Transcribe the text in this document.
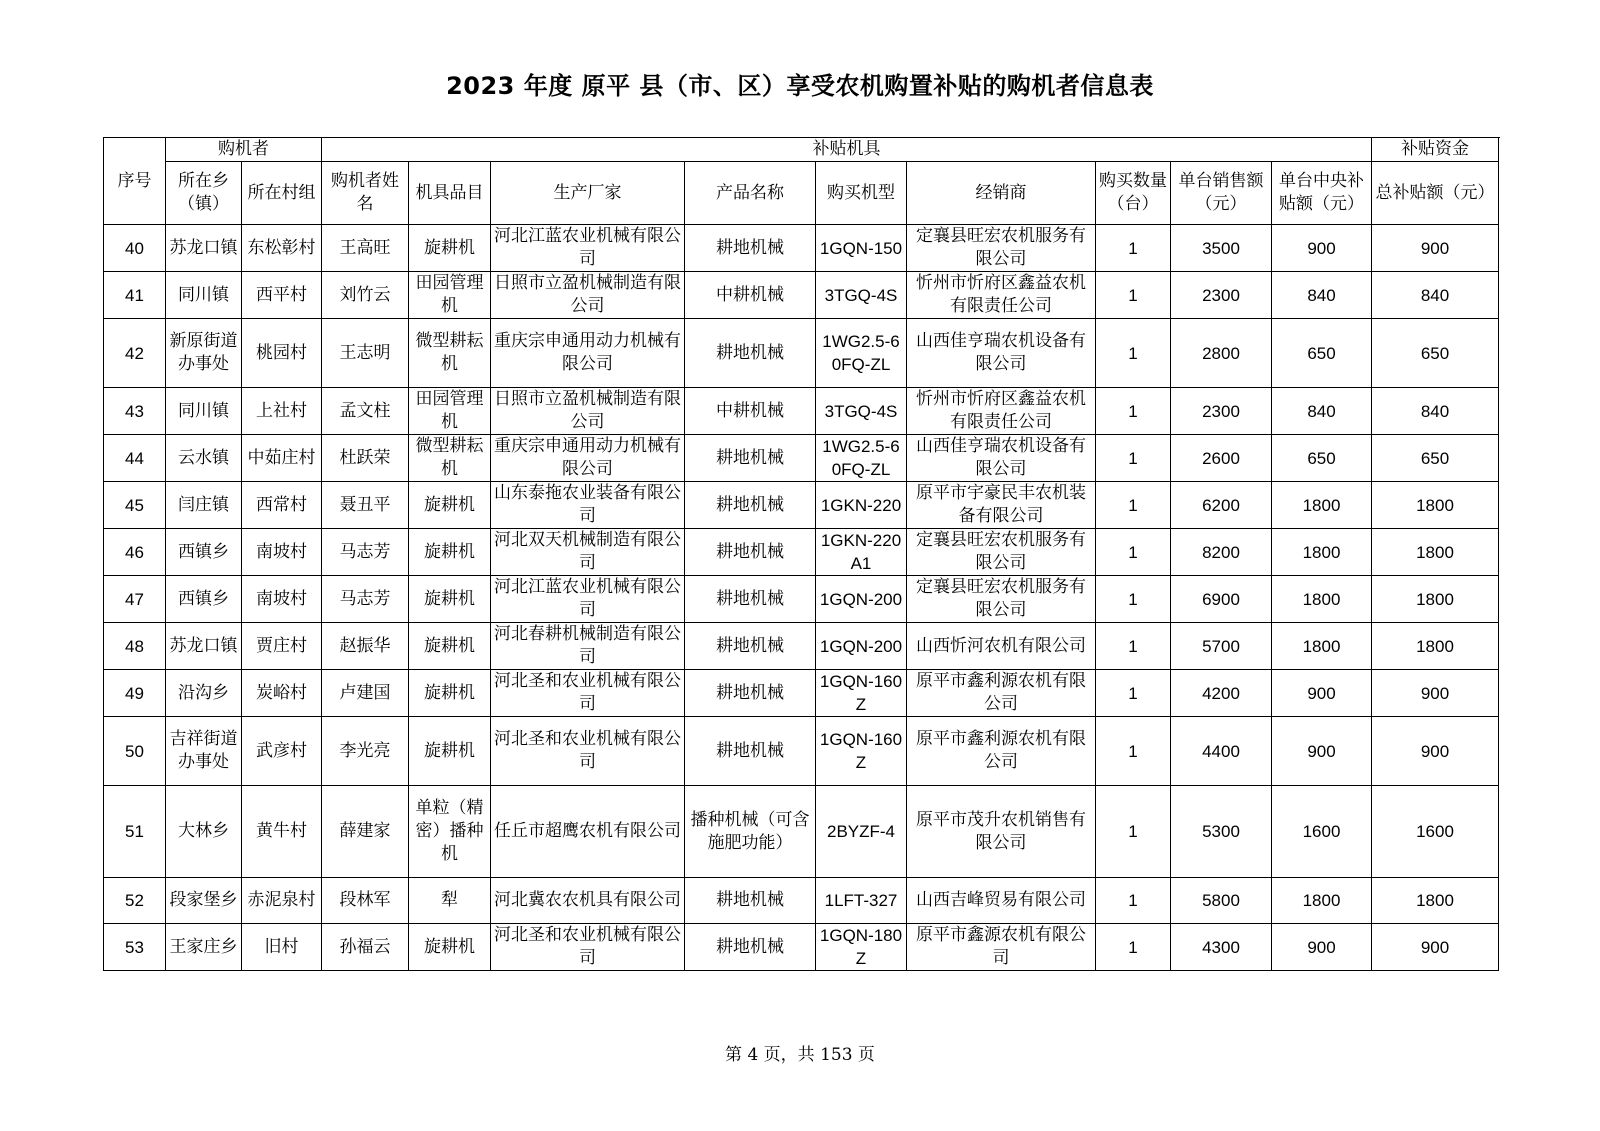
2023 年度 原平 县（市、区）享受农机购置补贴的购机者信息表
序号	购机者		补贴机具									补贴资金
	所在乡（镇）	所在村组	购机者姓名	机具品目	生产厂家	产品名称	购买机型	经销商	购买数量（台）	单台销售额（元）	单台中央补贴额（元）	总补贴额（元）
40	苏龙口镇	东松彰村	王高旺	旋耕机	河北江蓝农业机械有限公司	耕地机械	1GQN-150	定襄县旺宏农机服务有限公司	1	3500	900	900
41	同川镇	西平村	刘竹云	田园管理机	日照市立盈机械制造有限公司	中耕机械	3TGQ-4S	忻州市忻府区鑫益农机有限责任公司	1	2300	840	840
42	新原街道办事处	桃园村	王志明	微型耕耘机	重庆宗申通用动力机械有限公司	耕地机械	1WG2.5-60FQ-ZL	山西佳亨瑞农机设备有限公司	1	2800	650	650
43	同川镇	上社村	孟文柱	田园管理机	日照市立盈机械制造有限公司	中耕机械	3TGQ-4S	忻州市忻府区鑫益农机有限责任公司	1	2300	840	840
44	云水镇	中茹庄村	杜跃荣	微型耕耘机	重庆宗申通用动力机械有限公司	耕地机械	1WG2.5-60FQ-ZL	山西佳亨瑞农机设备有限公司	1	2600	650	650
45	闫庄镇	西常村	聂丑平	旋耕机	山东泰拖农业装备有限公司	耕地机械	1GKN-220	原平市宇豪民丰农机装备有限公司	1	6200	1800	1800
46	西镇乡	南坡村	马志芳	旋耕机	河北双天机械制造有限公司	耕地机械	1GKN-220A1	定襄县旺宏农机服务有限公司	1	8200	1800	1800
47	西镇乡	南坡村	马志芳	旋耕机	河北江蓝农业机械有限公司	耕地机械	1GQN-200	定襄县旺宏农机服务有限公司	1	6900	1800	1800
48	苏龙口镇	贾庄村	赵振华	旋耕机	河北春耕机械制造有限公司	耕地机械	1GQN-200	山西忻河农机有限公司	1	5700	1800	1800
49	沿沟乡	炭峪村	卢建国	旋耕机	河北圣和农业机械有限公司	耕地机械	1GQN-160Z	原平市鑫利源农机有限公司	1	4200	900	900
50	吉祥街道办事处	武彦村	李光亮	旋耕机	河北圣和农业机械有限公司	耕地机械	1GQN-160Z	原平市鑫利源农机有限公司	1	4400	900	900
51	大林乡	黄牛村	薛建家	单粒（精密）播种机	任丘市超鹰农机有限公司	播种机械（可含施肥功能）	2BYZF-4	原平市茂升农机销售有限公司	1	5300	1600	1600
52	段家堡乡	赤泥泉村	段林军	犁	河北冀农农机具有限公司	耕地机械	1LFT-327	山西吉峰贸易有限公司	1	5800	1800	1800
53	王家庄乡	旧村	孙福云	旋耕机	河北圣和农业机械有限公司	耕地机械	1GQN-180Z	原平市鑫源农机有限公司	1	4300	900	900
第 4 页，共 153 页
